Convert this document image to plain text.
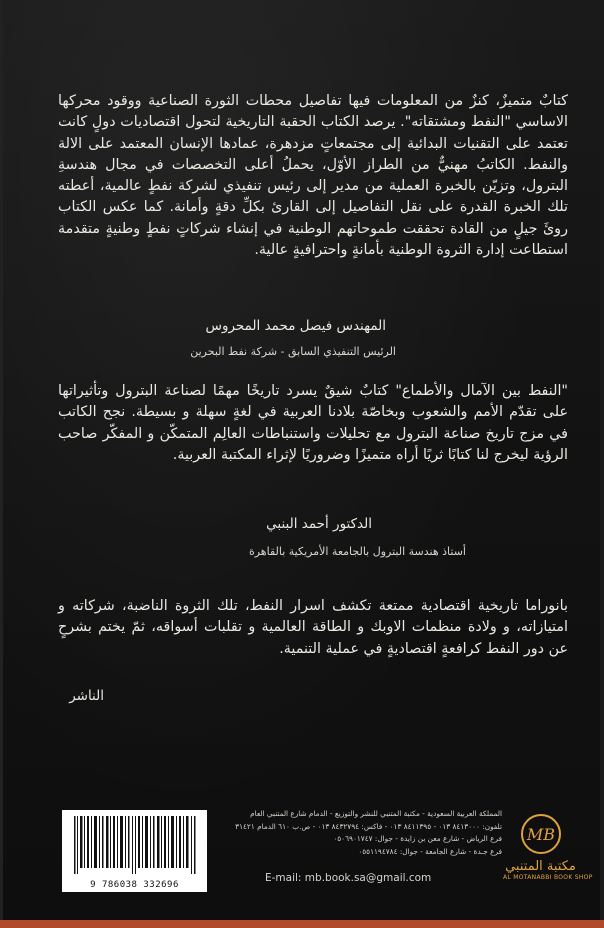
كتابٌ متميزٌ، كنزٌ من المعلومات فيها تفاصيل محطات الثورة الصناعية ووقود محركها الاساسي "النفط ومشتقاته". يرصد الكتاب الحقبة التاريخية لتحول اقتصاديات دولٍ كانت تعتمد على التقنيات البدائية إلى مجتمعاتٍ مزدهرة، عمادها الإنسان المعتمد على الالة والنفط. الكاتبُ مهنيٌّ من الطراز الأوّل، يحملُ أعلى التخصصات في مجال هندسةِ البترول، وتزيّن بالخبرة العملية من مدير إلى رئيس تنفيذي لشركة نفطٍ عالمية، أعطته تلك الخبرة القدرة على نقل التفاصيل إلى القارئ بكلِّ دقةٍ وأمانة. كما عكس الكتاب روئَ جيلٍ من القادة تحققت طموحاتهم الوطنية في إنشاء شركاتٍ نفطٍ وطنيةٍ متقدمة استطاعت إدارة الثروة الوطنية بأمانةٍ واحترافيةٍ عالية.

المهندس فيصل محمد المحروس
الرئيس التنفيذي السابق - شركة نفط البحرين

"النفط بين الآمال والأطماع" كتابٌ شيقٌ يسرد تاريخًا مهمًا لصناعة البترول وتأثيراتها على تقدّم الأمم والشعوب وبخاصّة بلادنا العربية في لغةٍ سهلة و بسيطة. نجح الكاتب في مزج تاريخ صناعة البترول مع تحليلات واستنباطات العالِم المتمكّن و المفكّر صاحب الرؤية ليخرج لنا كتابًا ثريًا أراه متميزًا وضروريًا لإثراء المكتبة العربية.

الدكتور أحمد البنبي
أستاذ هندسة البترول بالجامعة الأمريكية بالقاهرة

بانوراما تاريخية اقتصادية ممتعة تكشف اسرار النفط، تلك الثروة الناضبة، شركاته و امتيازاته، و ولادة منظمات الاوبك و الطاقة العالمية و تقلبات أسواقه، ثمّ يختم بشرحٍ عن دور النفط كرافعةٍ اقتصاديةٍ في عملية التنمية.

الناشر
9 786038 332696
المملكة العربية السعودية - مكتبة المتنبي للنشر والتوزيع - الدمام شارع المتنبي العام
تلفون: ٨٤١٣٠٠٠ ٠١٣ - ٨٤١١٣٩٥ ٠١٣ - فاكس: ٨٤٣٢٧٩٤ ٠١٣ - ص.ب ٦١٠ الدمام ٣١٤٢١
فرع الرياض - شارع معن بن زايدة - جوال: ٠٥٠٦٩٠١٧٤٧
فرع جـدة - شارع الجامعة - جوال: ٠٥٥١١٩٤٧٨٤
E-mail: mb.book.sa@gmail.com
MB
مكتبة المتنبي
AL MOTANABBI BOOK SHOP
